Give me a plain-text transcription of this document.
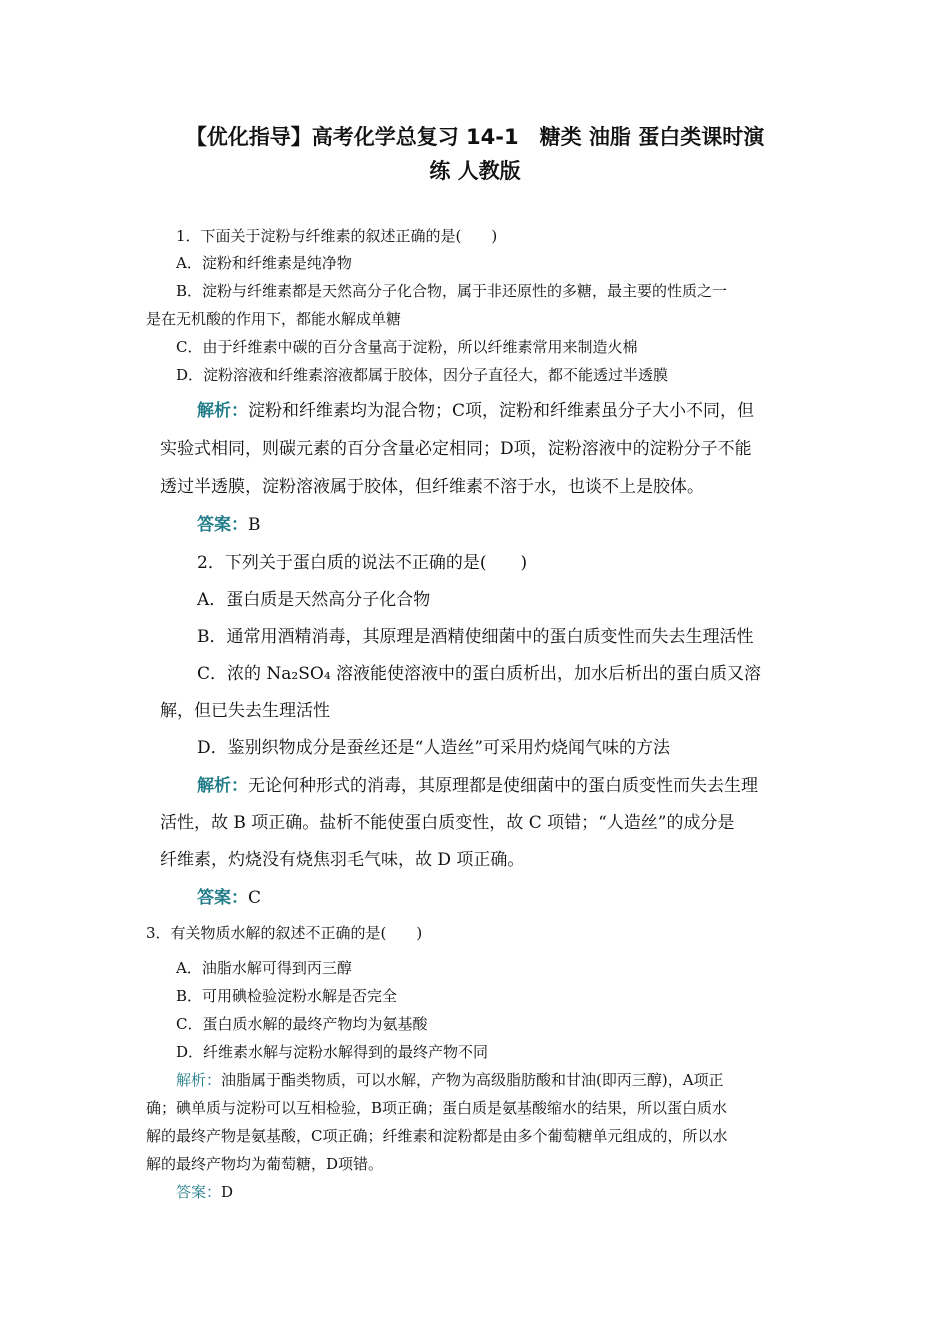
【优化指导】高考化学总复习 14-1　糖类 油脂 蛋白类课时演
练 人教版
1．下面关于淀粉与纤维素的叙述正确的是(　　)
A．淀粉和纤维素是纯净物
B．淀粉与纤维素都是天然高分子化合物，属于非还原性的多糖，最主要的性质之一
是在无机酸的作用下，都能水解成单糖
C．由于纤维素中碳的百分含量高于淀粉，所以纤维素常用来制造火棉
D．淀粉溶液和纤维素溶液都属于胶体，因分子直径大，都不能透过半透膜
解析：淀粉和纤维素均为混合物；C项，淀粉和纤维素虽分子大小不同，但
实验式相同，则碳元素的百分含量必定相同；D项，淀粉溶液中的淀粉分子不能
透过半透膜，淀粉溶液属于胶体，但纤维素不溶于水，也谈不上是胶体。
答案：B
2．下列关于蛋白质的说法不正确的是(　　)
A．蛋白质是天然高分子化合物
B．通常用酒精消毒，其原理是酒精使细菌中的蛋白质变性而失去生理活性
C．浓的 Na₂SO₄ 溶液能使溶液中的蛋白质析出，加水后析出的蛋白质又溶
解，但已失去生理活性
D．鉴别织物成分是蚕丝还是“人造丝”可采用灼烧闻气味的方法
解析：无论何种形式的消毒，其原理都是使细菌中的蛋白质变性而失去生理
活性，故 B 项正确。盐析不能使蛋白质变性，故 C 项错；“人造丝”的成分是
纤维素，灼烧没有烧焦羽毛气味，故 D 项正确。
答案：C
3．有关物质水解的叙述不正确的是(　　)
A．油脂水解可得到丙三醇
B．可用碘检验淀粉水解是否完全
C．蛋白质水解的最终产物均为氨基酸
D．纤维素水解与淀粉水解得到的最终产物不同
解析：油脂属于酯类物质，可以水解，产物为高级脂肪酸和甘油(即丙三醇)，A项正
确；碘单质与淀粉可以互相检验，B项正确；蛋白质是氨基酸缩水的结果，所以蛋白质水
解的最终产物是氨基酸，C项正确；纤维素和淀粉都是由多个葡萄糖单元组成的，所以水
解的最终产物均为葡萄糖，D项错。
答案：D
